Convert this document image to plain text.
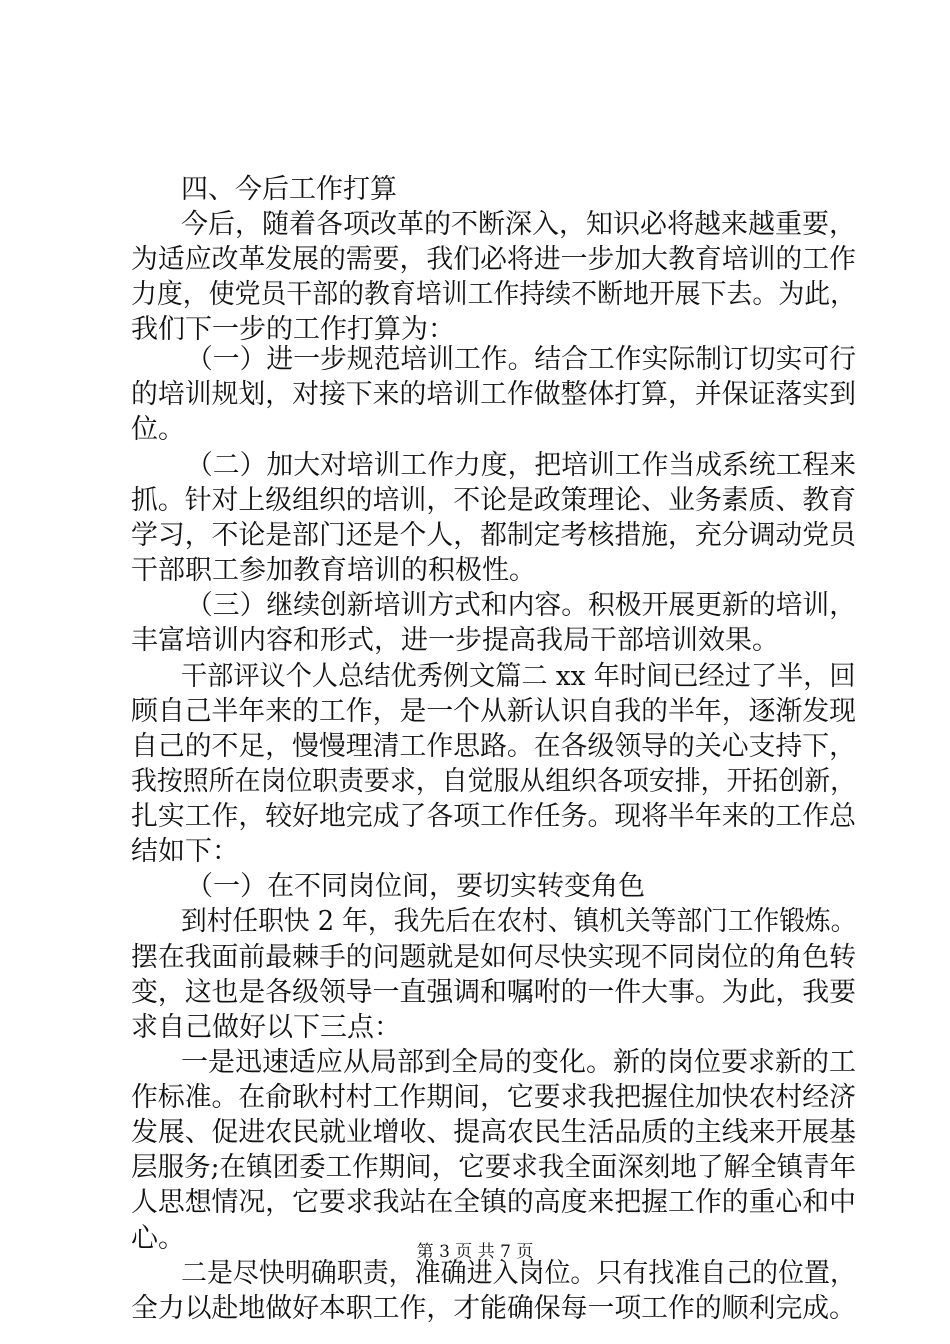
四、今后工作打算
今后，随着各项改革的不断深入，知识必将越来越重要，
为适应改革发展的需要，我们必将进一步加大教育培训的工作
力度，使党员干部的教育培训工作持续不断地开展下去。为此，
我们下一步的工作打算为：
（一）进一步规范培训工作。结合工作实际制订切实可行
的培训规划，对接下来的培训工作做整体打算，并保证落实到
位。
（二）加大对培训工作力度，把培训工作当成系统工程来
抓。针对上级组织的培训，不论是政策理论、业务素质、教育
学习，不论是部门还是个人，都制定考核措施，充分调动党员
干部职工参加教育培训的积极性。
（三）继续创新培训方式和内容。积极开展更新的培训，
丰富培训内容和形式，进一步提高我局干部培训效果。
干部评议个人总结优秀例文篇二 xx 年时间已经过了半，回
顾自己半年来的工作，是一个从新认识自我的半年，逐渐发现
自己的不足，慢慢理清工作思路。在各级领导的关心支持下，
我按照所在岗位职责要求，自觉服从组织各项安排，开拓创新，
扎实工作，较好地完成了各项工作任务。现将半年来的工作总
结如下：
（一）在不同岗位间，要切实转变角色
到村任职快 2 年，我先后在农村、镇机关等部门工作锻炼。
摆在我面前最棘手的问题就是如何尽快实现不同岗位的角色转
变，这也是各级领导一直强调和嘱咐的一件大事。为此，我要
求自己做好以下三点：
一是迅速适应从局部到全局的变化。新的岗位要求新的工
作标准。在俞耿村村工作期间，它要求我把握住加快农村经济
发展、促进农民就业增收、提高农民生活品质的主线来开展基
层服务;在镇团委工作期间，它要求我全面深刻地了解全镇青年
人思想情况，它要求我站在全镇的高度来把握工作的重心和中
心。
二是尽快明确职责，准确进入岗位。只有找准自己的位置，
全力以赴地做好本职工作，才能确保每一项工作的顺利完成。
第 3 页 共 7 页
